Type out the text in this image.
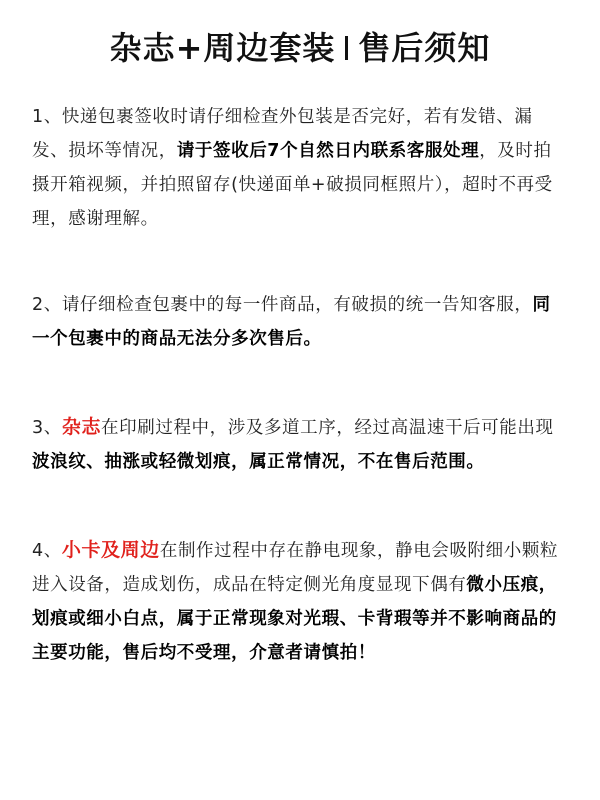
杂志+周边套装 售后须知

1、快递包裹签收时请仔细检查外包装是否完好，若有发错、漏发、损坏等情况，请于签收后7个自然日内联系客服处理，及时拍摄开箱视频，并拍照留存(快递面单+破损同框照片），超时不再受理，感谢理解。

2、请仔细检查包裹中的每一件商品，有破损的统一告知客服，同一个包裹中的商品无法分多次售后。

3、杂志在印刷过程中，涉及多道工序，经过高温速干后可能出现波浪纹、抽涨或轻微划痕，属正常情况，不在售后范围。

4、小卡及周边在制作过程中存在静电现象，静电会吸附细小颗粒进入设备，造成划伤，成品在特定侧光角度显现下偶有微小压痕，划痕或细小白点，属于正常现象对光瑕、卡背瑕等并不影响商品的主要功能，售后均不受理，介意者请慎拍！
